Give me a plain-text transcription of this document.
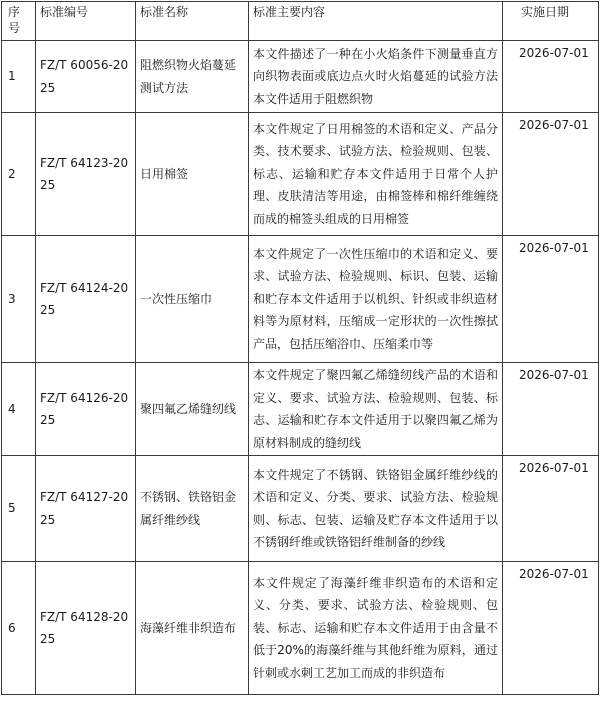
序号	标准编号	标准名称	标准主要内容	实施日期
1	FZ/T 60056-2025	阻燃织物火焰蔓延测试方法	本文件描述了一种在小火焰条件下测量垂直方向织物表面或底边点火时火焰蔓延的试验方法本文件适用于阻燃织物	2026-07-01
2	FZ/T 64123-2025	日用棉签	本文件规定了日用棉签的术语和定义、产品分类、技术要求、试验方法、检验规则、包装、标志、运输和贮存本文件适用于日常个人护理、皮肤清洁等用途，由棉签棒和棉纤维缠绕而成的棉签头组成的日用棉签	2026-07-01
3	FZ/T 64124-2025	一次性压缩巾	本文件规定了一次性压缩巾的术语和定义、要求、试验方法、检验规则、标识、包装、运输和贮存本文件适用于以机织、针织或非织造材料等为原材料，压缩成一定形状的一次性擦拭产品，包括压缩浴巾、压缩柔巾等	2026-07-01
4	FZ/T 64126-2025	聚四氟乙烯缝纫线	本文件规定了聚四氟乙烯缝纫线产品的术语和定义、要求、试验方法、检验规则、包装、标志、运输和贮存本文件适用于以聚四氟乙烯为原材料制成的缝纫线	2026-07-01
5	FZ/T 64127-2025	不锈钢、铁铬铝金属纤维纱线	本文件规定了不锈钢、铁铬铝金属纤维纱线的术语和定义、分类、要求、试验方法、检验规则、标志、包装、运输及贮存本文件适用于以不锈钢纤维或铁铬铝纤维制备的纱线	2026-07-01
6	FZ/T 64128-2025	海藻纤维非织造布	本文件规定了海藻纤维非织造布的术语和定义、分类、要求、试验方法、检验规则、包装、标志、运输和贮存本文件适用于由含量不低于20%的海藻纤维与其他纤维为原料，通过针刺或水刺工艺加工而成的非织造布	2026-07-01
